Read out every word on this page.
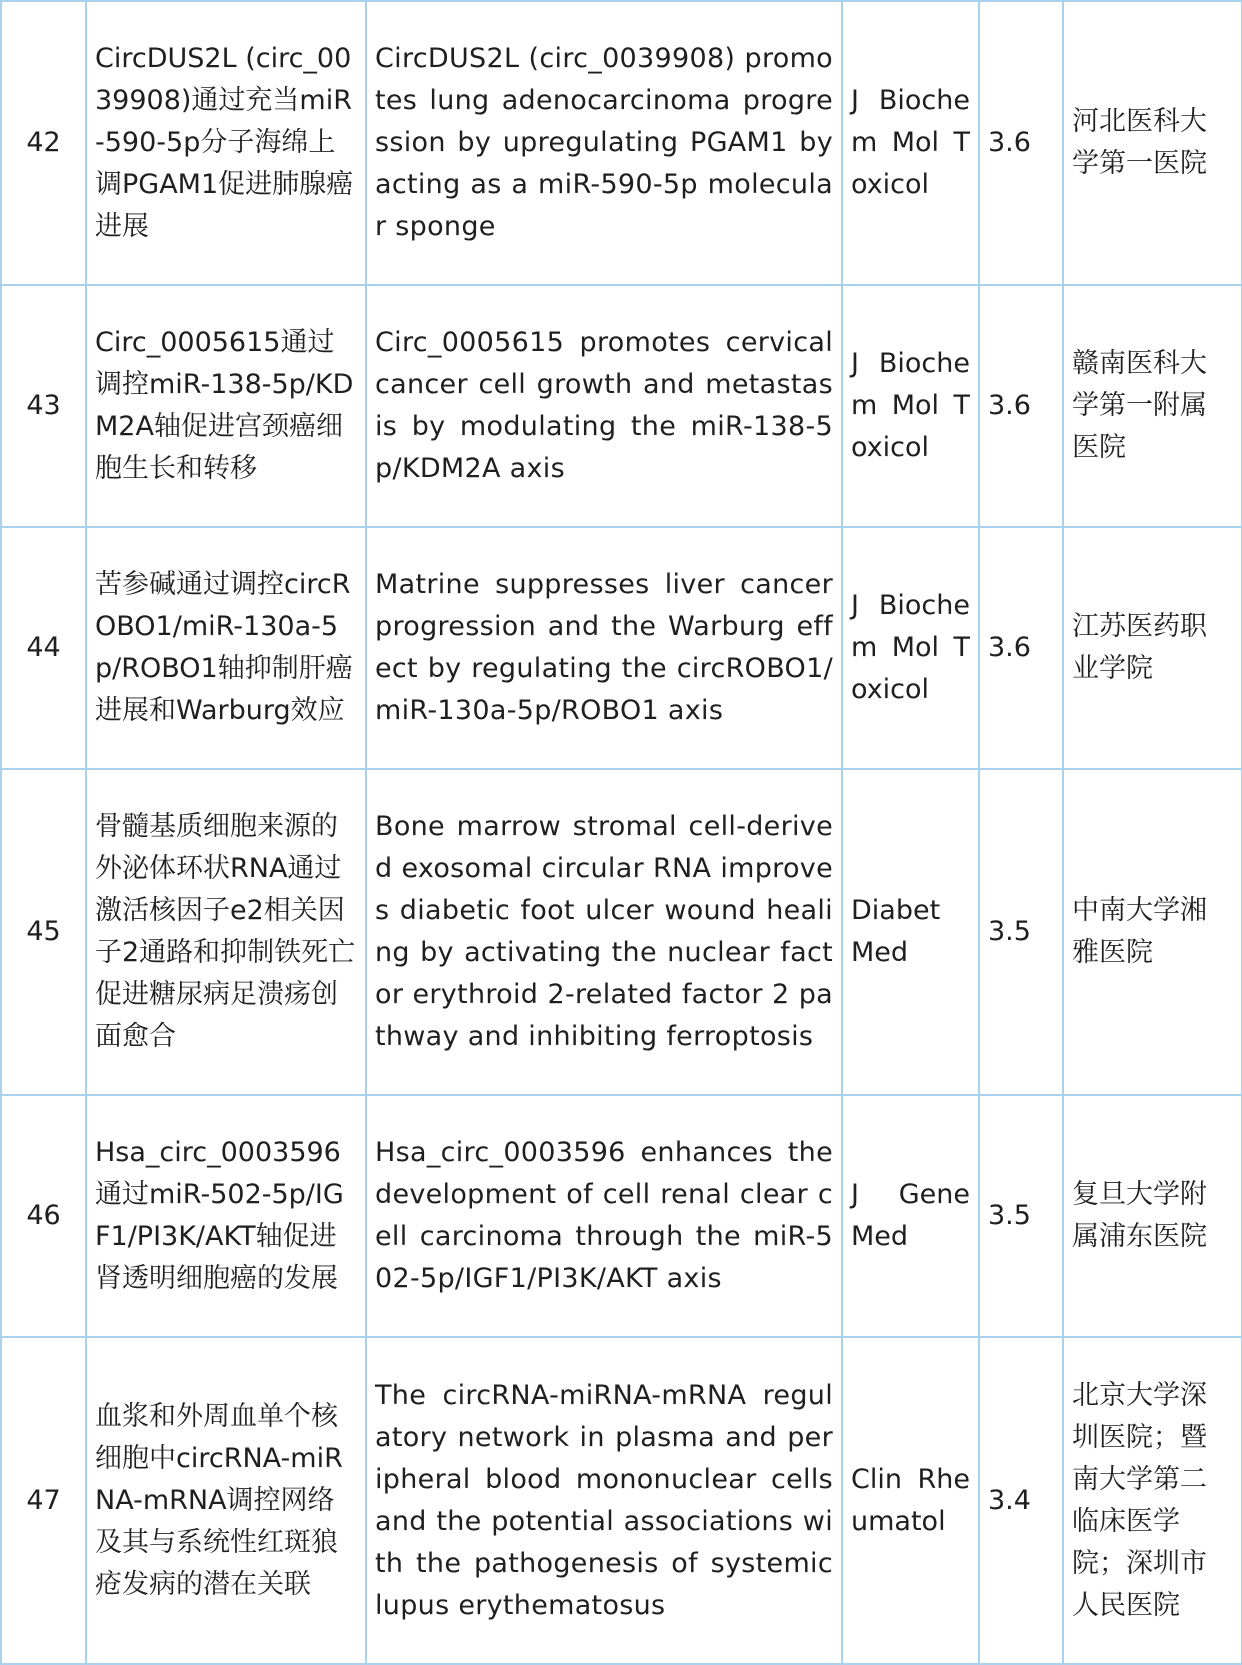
42	CircDUS2L (circ_0039908)通过充当miR-590-5p分子海绵上调PGAM1促进肺腺癌进展	CircDUS2L (circ_0039908) promotes lung adenocarcinoma progression by upregulating PGAM1 by acting as a miR-590-5p molecular sponge	J Biochem Mol Toxicol	3.6	河北医科大学第一医院
43	Circ_0005615通过调控miR-138-5p/KDM2A轴促进宫颈癌细胞生长和转移	Circ_0005615 promotes cervical cancer cell growth and metastasis by modulating the miR-138-5p/KDM2A axis	J Biochem Mol Toxicol	3.6	赣南医科大学第一附属医院
44	苦参碱通过调控circROBO1/miR-130a-5p/ROBO1轴抑制肝癌进展和Warburg效应	Matrine suppresses liver cancer progression and the Warburg effect by regulating the circROBO1/miR-130a-5p/ROBO1 axis	J Biochem Mol Toxicol	3.6	江苏医药职业学院
45	骨髓基质细胞来源的外泌体环状RNA通过激活核因子e2相关因子2通路和抑制铁死亡促进糖尿病足溃疡创面愈合	Bone marrow stromal cell-derived exosomal circular RNA improves diabetic foot ulcer wound healing by activating the nuclear factor erythroid 2-related factor 2 pathway and inhibiting ferroptosis	Diabet Med	3.5	中南大学湘雅医院
46	Hsa_circ_0003596通过miR-502-5p/IGF1/PI3K/AKT轴促进肾透明细胞癌的发展	Hsa_circ_0003596 enhances the development of cell renal clear cell carcinoma through the miR-502-5p/IGF1/PI3K/AKT axis	J Gene Med	3.5	复旦大学附属浦东医院
47	血浆和外周血单个核细胞中circRNA-miRNA-mRNA调控网络及其与系统性红斑狼疮发病的潜在关联	The circRNA-miRNA-mRNA regulatory network in plasma and peripheral blood mononuclear cells and the potential associations with the pathogenesis of systemic lupus erythematosus	Clin Rheumatol	3.4	北京大学深圳医院；暨南大学第二临床医学院；深圳市人民医院
